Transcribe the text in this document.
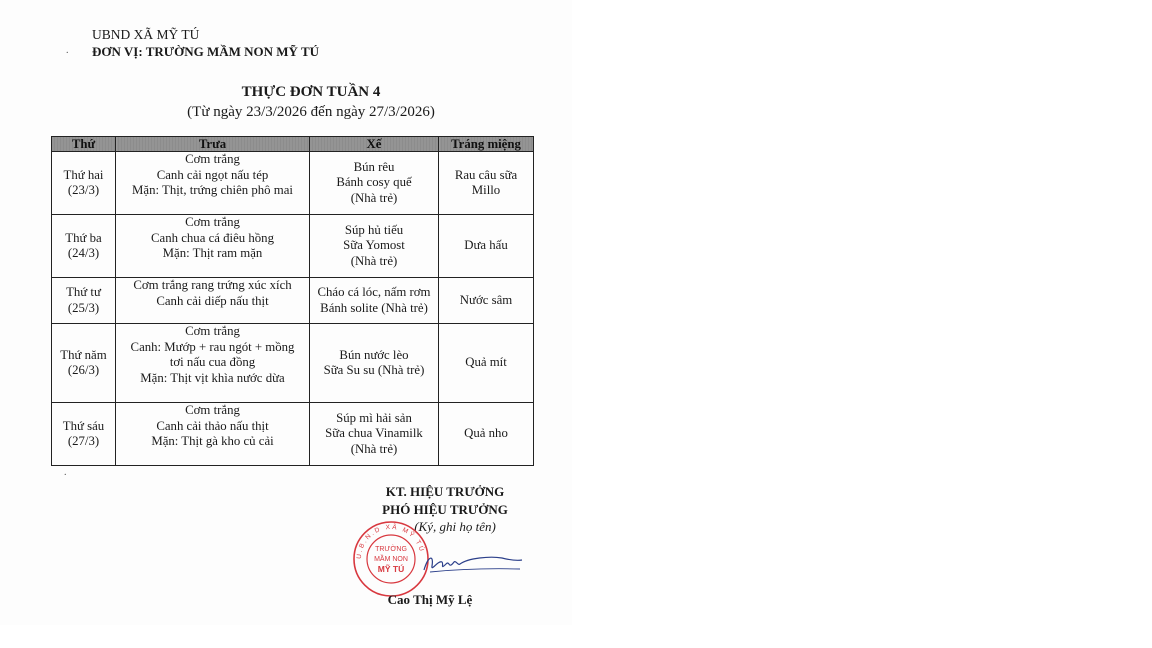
UBND XÃ MỸ TÚ
. ĐƠN VỊ: TRƯỜNG MẦM NON MỸ TÚ
THỰC ĐƠN TUẦN 4
(Từ ngày 23/3/2026 đến ngày 27/3/2026)
Thứ	Trưa	Xế	Tráng miệng

Thứ hai
(23/3)	Cơm trắng
Canh cải ngọt nấu tép
Mặn: Thịt, trứng chiên phô mai	Bún rêu
Bánh cosy quế
(Nhà trẻ)	Rau câu sữa
Millo

Thứ ba
(24/3)	Cơm trắng
Canh chua cá điêu hồng
Mặn: Thịt ram mặn	Súp hủ tiếu
Sữa Yomost
(Nhà trẻ)	Dưa hấu

Thứ tư
(25/3)	Cơm trắng rang trứng xúc xích
Canh cải diếp nấu thịt	Cháo cá lóc, nấm rơm
Bánh solite (Nhà trẻ)	Nước sâm

Thứ năm
(26/3)	Cơm trắng
Canh: Mướp + rau ngót + mồng
tơi nấu cua đồng
Mặn: Thịt vịt khìa nước dừa	Bún nước lèo
Sữa Su su (Nhà trẻ)	Quả mít

Thứ sáu
(27/3)	Cơm trắng
Canh cải thảo nấu thịt
Mặn: Thịt gà kho củ cải	Súp mì hải sản
Sữa chua Vinamilk
(Nhà trẻ)	Quả nho
.
KT. HIỆU TRƯỞNG
PHÓ HIỆU TRƯỞNG
(Ký, ghi họ tên)
U.B.N.D XÃ MỸ TÚ
TRƯỜNG
MẦM NON
MỸ TÚ
Cao Thị Mỹ Lệ
